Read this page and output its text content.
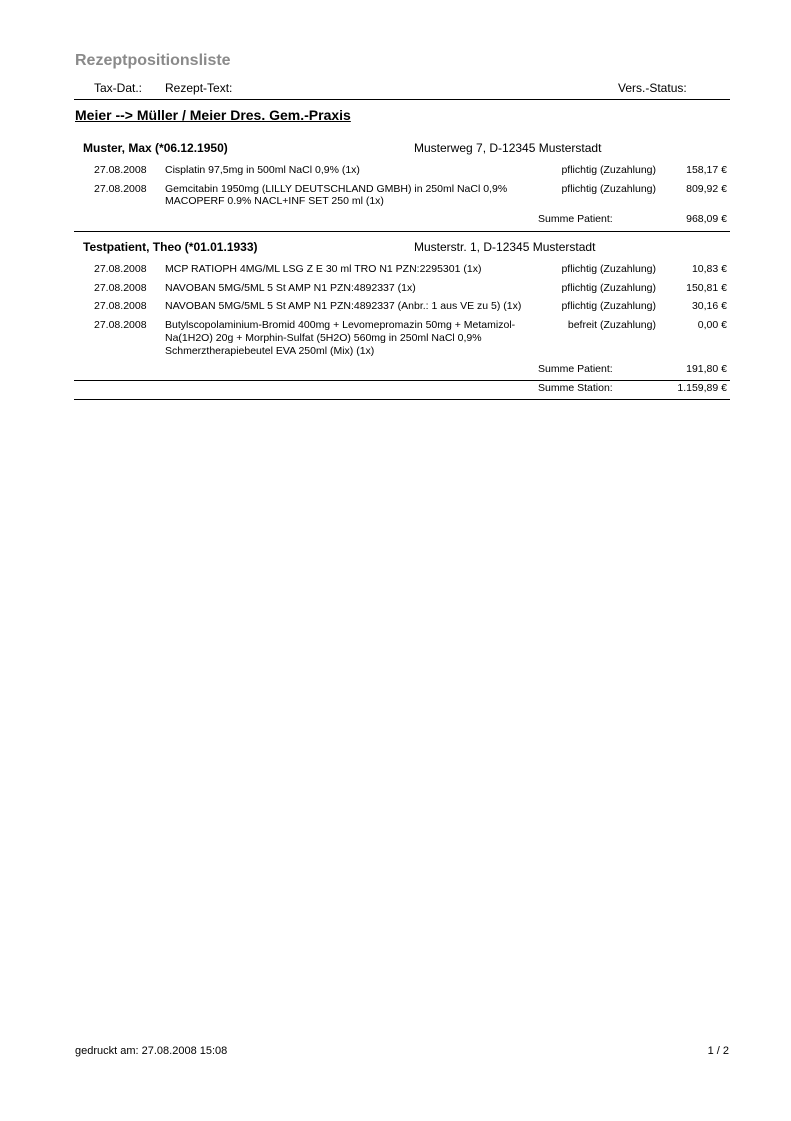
Rezeptpositionsliste
Tax-Dat.: Rezept-Text:	Vers.-Status:
Meier --> Müller / Meier Dres. Gem.-Praxis
Muster, Max (*06.12.1950)	Musterweg 7, D-12345 Musterstadt
27.08.2008 Cisplatin 97,5mg in 500ml NaCl 0,9% (1x)	pflichtig (Zuzahlung)	158,17 €
27.08.2008 Gemcitabin 1950mg (LILLY DEUTSCHLAND GMBH) in 250ml NaCl 0,9%
MACOPERF 0.9% NACL+INF SET 250 ml (1x)
pflichtig (Zuzahlung)	809,92 €
Summe Patient:	968,09 €
Testpatient, Theo (*01.01.1933)	Musterstr. 1, D-12345 Musterstadt
27.08.2008 MCP RATIOPH 4MG/ML LSG Z E 30 ml TRO N1 PZN:2295301 (1x)	pflichtig (Zuzahlung)	10,83 €
27.08.2008 NAVOBAN 5MG/5ML 5 St AMP N1 PZN:4892337 (1x)	pflichtig (Zuzahlung)	150,81 €
27.08.2008 NAVOBAN 5MG/5ML 5 St AMP N1 PZN:4892337 (Anbr.: 1 aus VE zu 5) (1x)	pflichtig (Zuzahlung)	30,16 €
27.08.2008 Butylscopolaminium-Bromid 400mg + Levomepromazin 50mg + Metamizol-
Na(1H2O) 20g + Morphin-Sulfat (5H2O) 560mg in 250ml NaCl 0,9%
Schmerztherapiebeutel EVA 250ml (Mix) (1x)
befreit (Zuzahlung)	0,00 €
Summe Patient:	191,80 €
Summe Station:	1.159,89 €
gedruckt am: 27.08.2008 15:08	1 / 2
